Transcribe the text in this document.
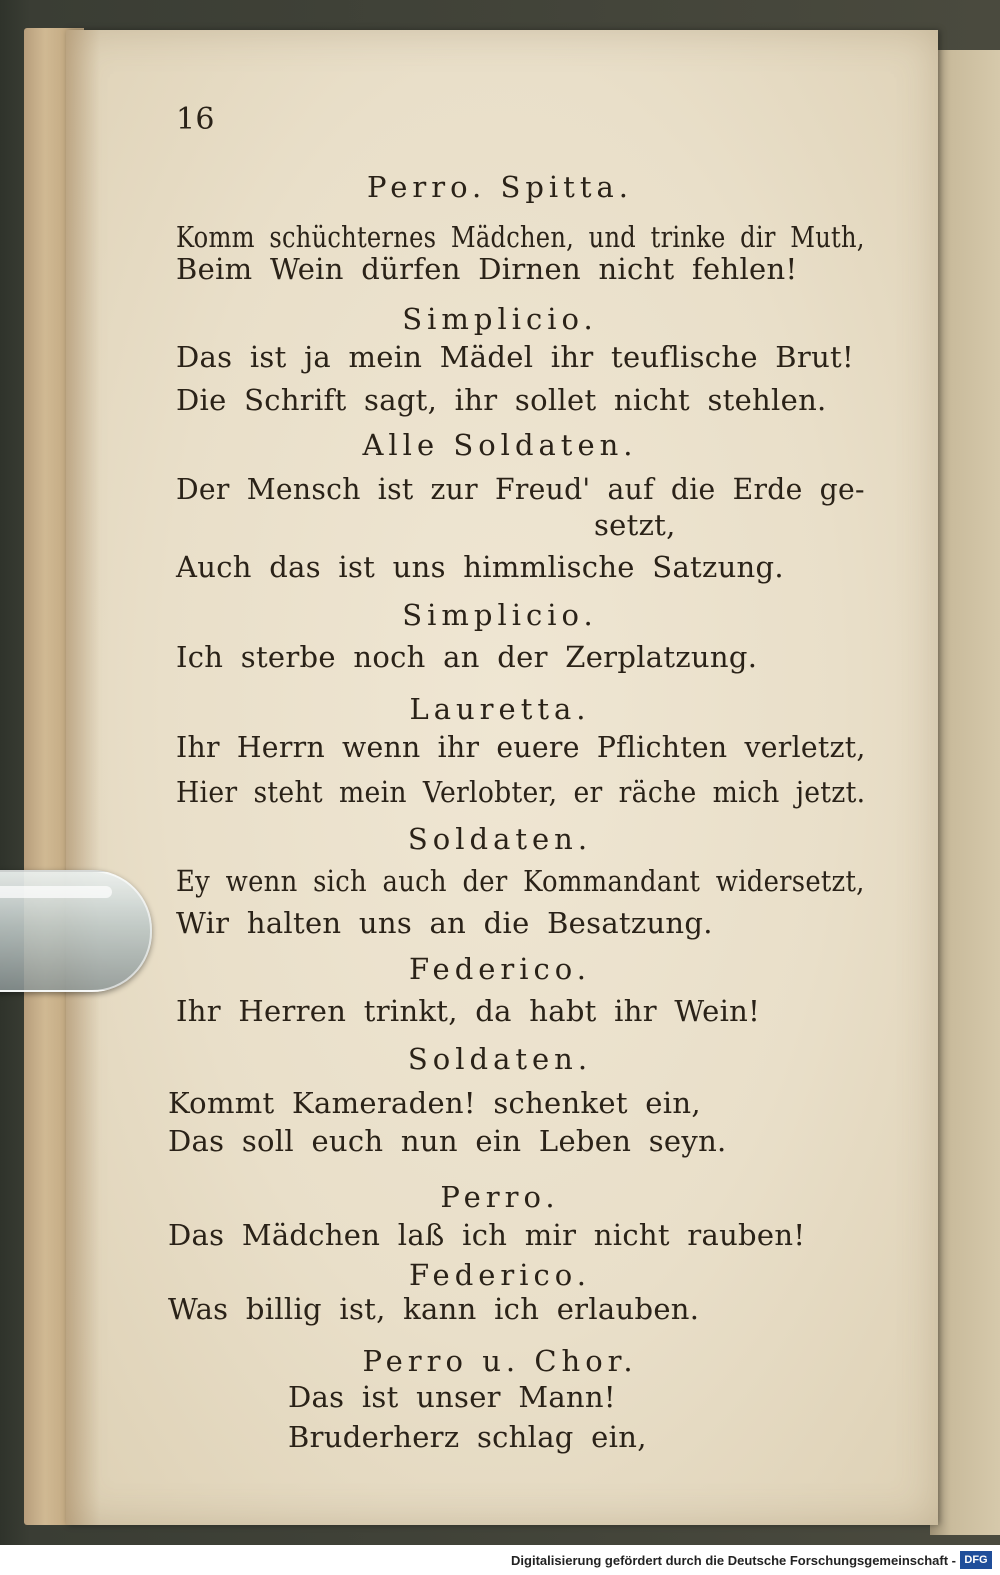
16
Perro. Spitta.
Komm schüchternes Mädchen, und trinke dir Muth,
Beim Wein dürfen Dirnen nicht fehlen!
Simplicio.
Das ist ja mein Mädel ihr teuflische Brut!
Die Schrift sagt, ihr sollet nicht stehlen.
Alle Soldaten.
Der Mensch ist zur Freud' auf die Erde ge-
setzt,
Auch das ist uns himmlische Satzung.
Simplicio.
Ich sterbe noch an der Zerplatzung.
Lauretta.
Ihr Herrn wenn ihr euere Pflichten verletzt,
Hier steht mein Verlobter, er räche mich jetzt.
Soldaten.
Ey wenn sich auch der Kommandant widersetzt,
Wir halten uns an die Besatzung.
Federico.
Ihr Herren trinkt, da habt ihr Wein!
Soldaten.
Kommt Kameraden! schenket ein,
Das soll euch nun ein Leben seyn.
Perro.
Das Mädchen laß ich mir nicht rauben!
Federico.
Was billig ist, kann ich erlauben.
Perro u. Chor.
Das ist unser Mann!
Bruderherz schlag ein,
Digitalisierung gefördert durch die Deutsche Forschungsgemeinschaft - DFG
